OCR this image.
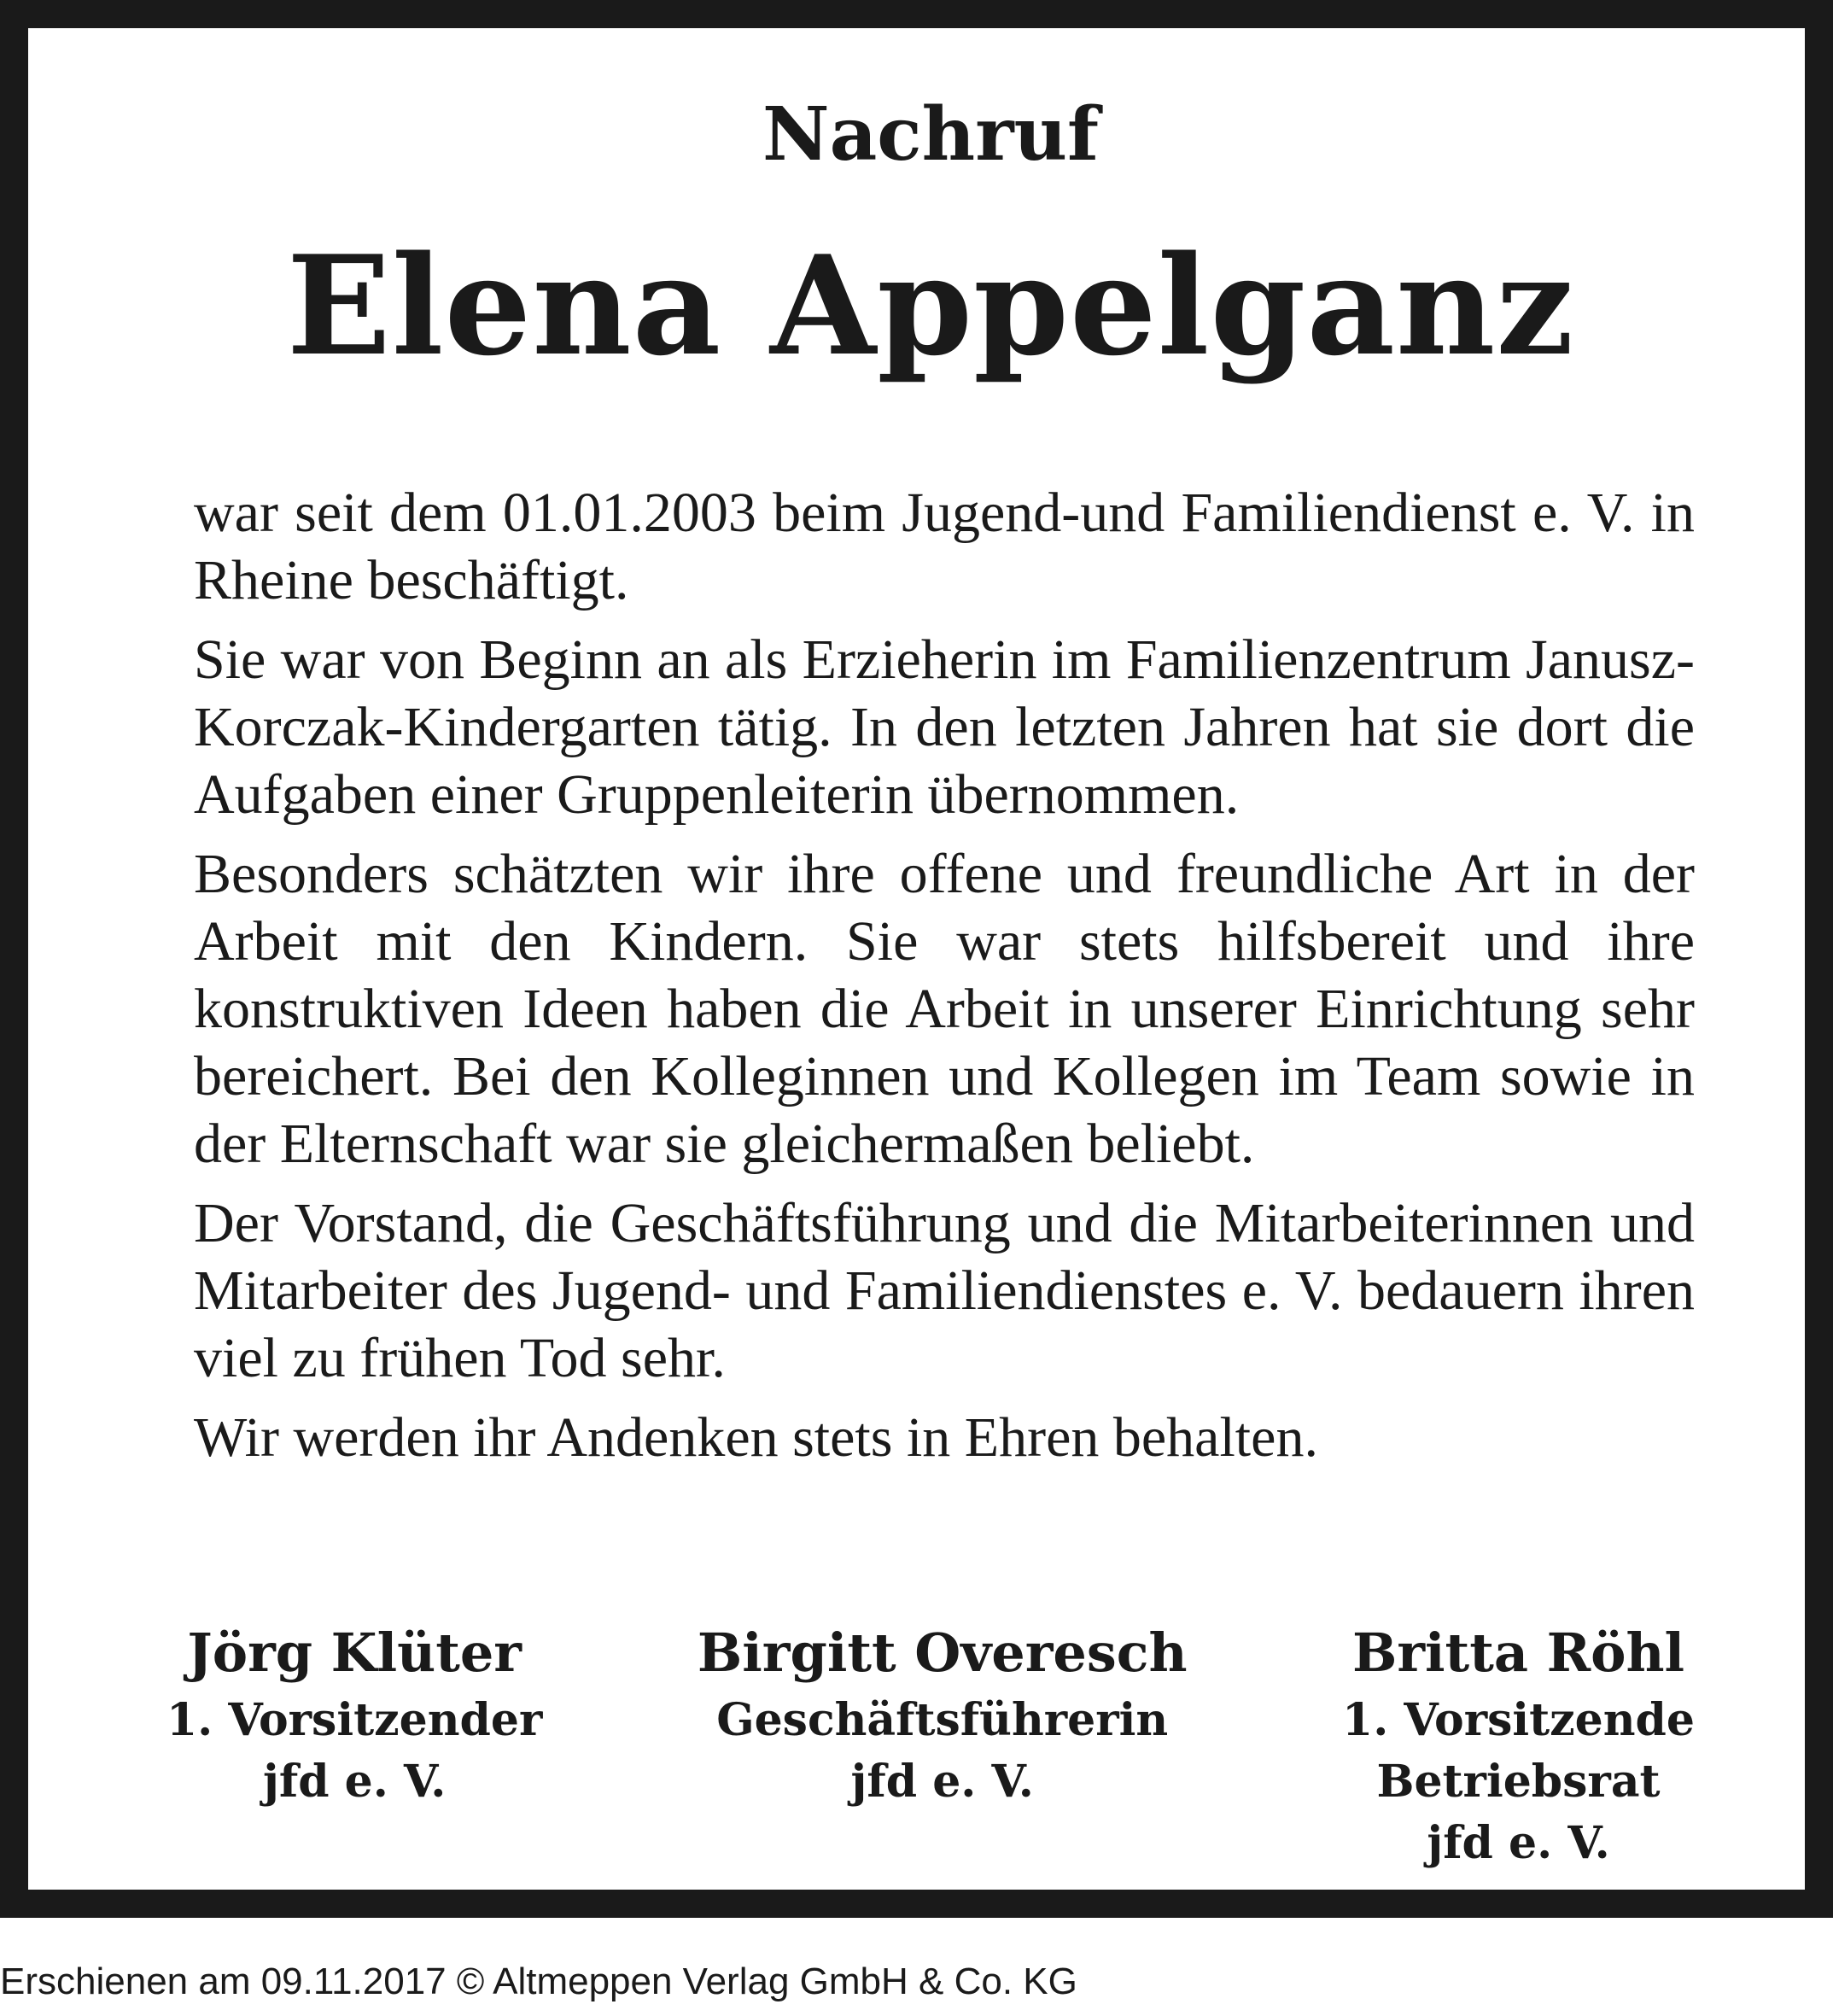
Nachruf
Elena Appelganz

war seit dem 01.01.2003 beim Jugend-und Familiendienst e. V. in Rheine beschäftigt.

Sie war von Beginn an als Erzieherin im Familienzentrum Janusz-Korczak-Kindergarten tätig. In den letzten Jahren hat sie dort die Aufgaben einer Gruppenleiterin übernommen.

Besonders schätzten wir ihre offene und freundliche Art in der Arbeit mit den Kindern. Sie war stets hilfsbereit und ihre konstruktiven Ideen haben die Arbeit in unserer Einrichtung sehr bereichert. Bei den Kolleginnen und Kollegen im Team sowie in der Elternschaft war sie gleichermaßen beliebt.

Der Vorstand, die Geschäftsführung und die Mitarbeiterinnen und Mitarbeiter des Jugend- und Familiendienstes e. V. bedauern ihren viel zu frühen Tod sehr.

Wir werden ihr Andenken stets in Ehren behalten.

Jörg Klüter
1. Vorsitzender
jfd e. V.
Birgitt Overesch
Geschäftsführerin
jfd e. V.
Britta Röhl
1. Vorsitzende
Betriebsrat
jfd e. V.
Erschienen am 09.11.2017 © Altmeppen Verlag GmbH & Co. KG
